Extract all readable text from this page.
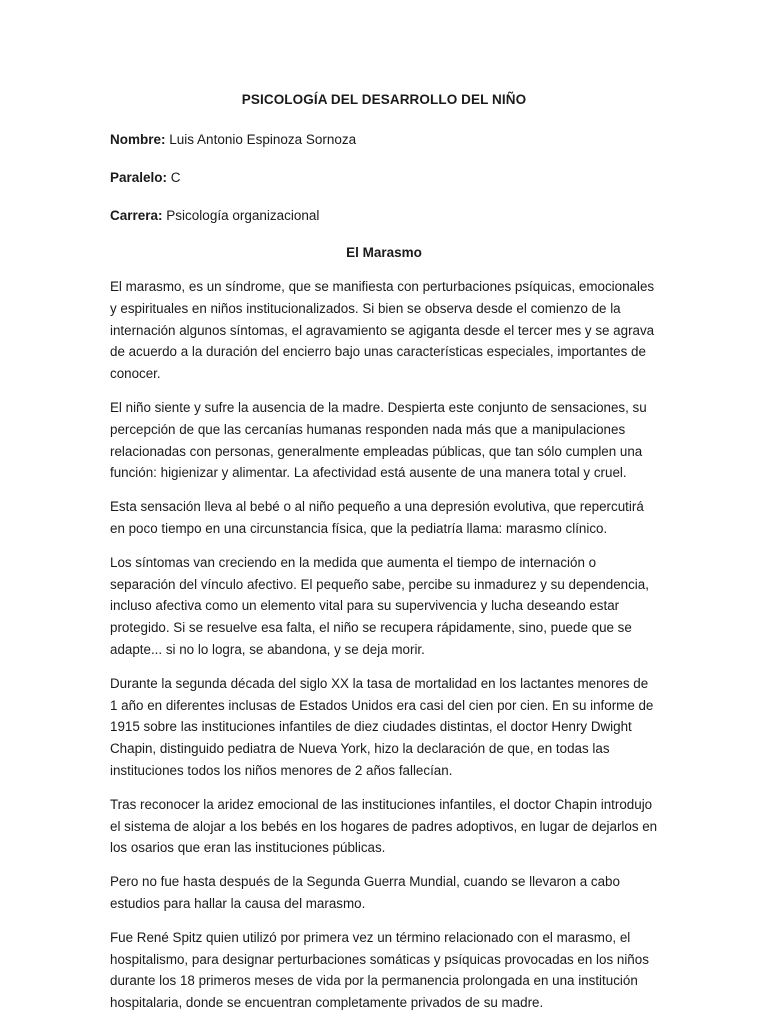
PSICOLOGÍA DEL DESARROLLO DEL NIÑO
Nombre: Luis Antonio Espinoza Sornoza
Paralelo: C
Carrera: Psicología organizacional
El Marasmo

El marasmo, es un síndrome, que se manifiesta con perturbaciones psíquicas, emocionales y espirituales en niños institucionalizados. Si bien se observa desde el comienzo de la internación algunos síntomas, el agravamiento se agiganta desde el tercer mes y se agrava de acuerdo a la duración del encierro bajo unas características especiales, importantes de conocer.

El niño siente y sufre la ausencia de la madre. Despierta este conjunto de sensaciones, su percepción de que las cercanías humanas responden nada más que a manipulaciones relacionadas con personas, generalmente empleadas públicas, que tan sólo cumplen una función: higienizar y alimentar. La afectividad está ausente de una manera total y cruel.

Esta sensación lleva al bebé o al niño pequeño a una depresión evolutiva, que repercutirá en poco tiempo en una circunstancia física, que la pediatría llama: marasmo clínico.

Los síntomas van creciendo en la medida que aumenta el tiempo de internación o separación del vínculo afectivo. El pequeño sabe, percibe su inmadurez y su dependencia, incluso afectiva como un elemento vital para su supervivencia y lucha deseando estar protegido. Si se resuelve esa falta, el niño se recupera rápidamente, sino, puede que se adapte... si no lo logra, se abandona, y se deja morir.

Durante la segunda década del siglo XX la tasa de mortalidad en los lactantes menores de 1 año en diferentes inclusas de Estados Unidos era casi del cien por cien. En su informe de 1915 sobre las instituciones infantiles de diez ciudades distintas, el doctor Henry Dwight Chapin, distinguido pediatra de Nueva York, hizo la declaración de que, en todas las instituciones todos los niños menores de 2 años fallecían.

Tras reconocer la aridez emocional de las instituciones infantiles, el doctor Chapin introdujo el sistema de alojar a los bebés en los hogares de padres adoptivos, en lugar de dejarlos en los osarios que eran las instituciones públicas.

Pero no fue hasta después de la Segunda Guerra Mundial, cuando se llevaron a cabo estudios para hallar la causa del marasmo.

Fue René Spitz quien utilizó por primera vez un término relacionado con el marasmo, el hospitalismo, para designar perturbaciones somáticas y psíquicas provocadas en los niños durante los 18 primeros meses de vida por la permanencia prolongada en una institución hospitalaria, donde se encuentran completamente privados de su madre.
